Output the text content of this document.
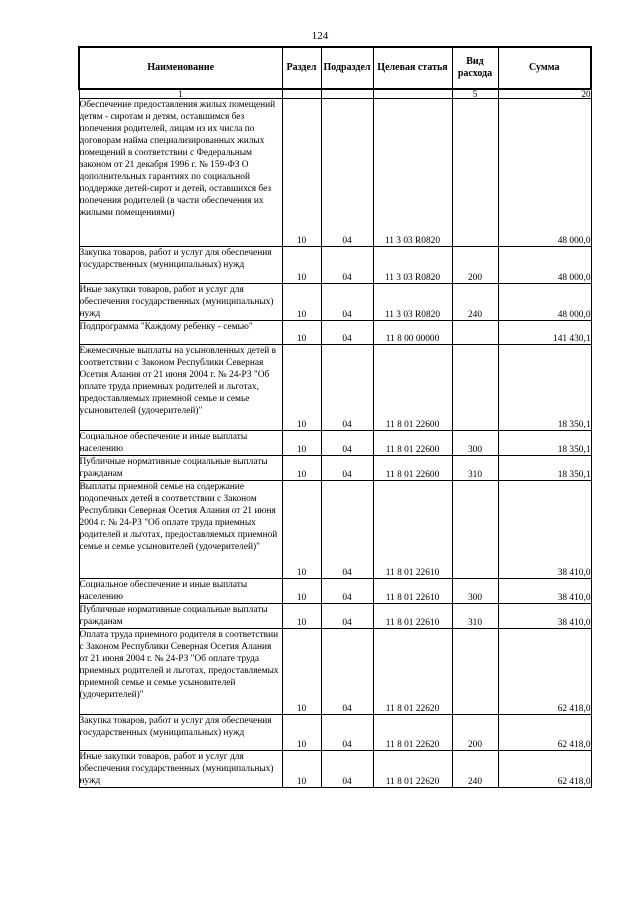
124
Наименование	Раздел	Подраздел	Целевая статья	Вид расхода	Сумма
1				5	20
Обеспечение предоставления жилых помещений детям - сиротам и детям, оставшимся без попечения родителей, лицам из их числа по договорам найма специализированных жилых помещений в соответствии с Федеральным законом от 21 декабря 1996 г. № 159-ФЗ О дополнительных гарантиях по социальной поддержке детей-сирот и детей, оставшихся без попечения родителей (в части обеспечения их жилыми помещениями)	10	04	11 3 03 R0820		48 000,0
Закупка товаров, работ и услуг для обеспечения государственных (муниципальных) нужд	10	04	11 3 03 R0820	200	48 000,0
Иные закупки товаров, работ и услуг для обеспечения государственных (муниципальных) нужд	10	04	11 3 03 R0820	240	48 000,0
Подпрограмма "Каждому ребенку - семью"	10	04	11 8 00 00000		141 430,1
Ежемесячные выплаты на усыновленных детей в соответствии с Законом Республики Северная Осетия Алания от 21 июня 2004 г. № 24-РЗ "Об оплате труда приемных родителей и льготах, предоставляемых приемной семье и семье усыновителей (удочерителей)"	10	04	11 8 01 22600		18 350,1
Социальное обеспечение и иные выплаты населению	10	04	11 8 01 22600	300	18 350,1
Публичные нормативные социальные выплаты гражданам	10	04	11 8 01 22600	310	18 350,1
Выплаты приемной семье на содержание подопечных детей в соответствии с Законом Республики Северная Осетия Алания от 21 июня 2004 г. № 24-РЗ "Об оплате труда приемных родителей и льготах, предоставляемых приемной семье и семье усыновителей (удочерителей)"	10	04	11 8 01 22610		38 410,0
Социальное обеспечение и иные выплаты населению	10	04	11 8 01 22610	300	38 410,0
Публичные нормативные социальные выплаты гражданам	10	04	11 8 01 22610	310	38 410,0
Оплата труда приемного родителя в соответствии с Законом Республики Северная Осетия Алания от 21 июня 2004 г. № 24-РЗ "Об оплате труда приемных родителей и льготах, предоставляемых приемной семье и семье усыновителей (удочерителей)"	10	04	11 8 01 22620		62 418,0
Закупка товаров, работ и услуг для обеспечения государственных (муниципальных) нужд	10	04	11 8 01 22620	200	62 418,0
Иные закупки товаров, работ и услуг для обеспечения государственных (муниципальных) нужд	10	04	11 8 01 22620	240	62 418,0
